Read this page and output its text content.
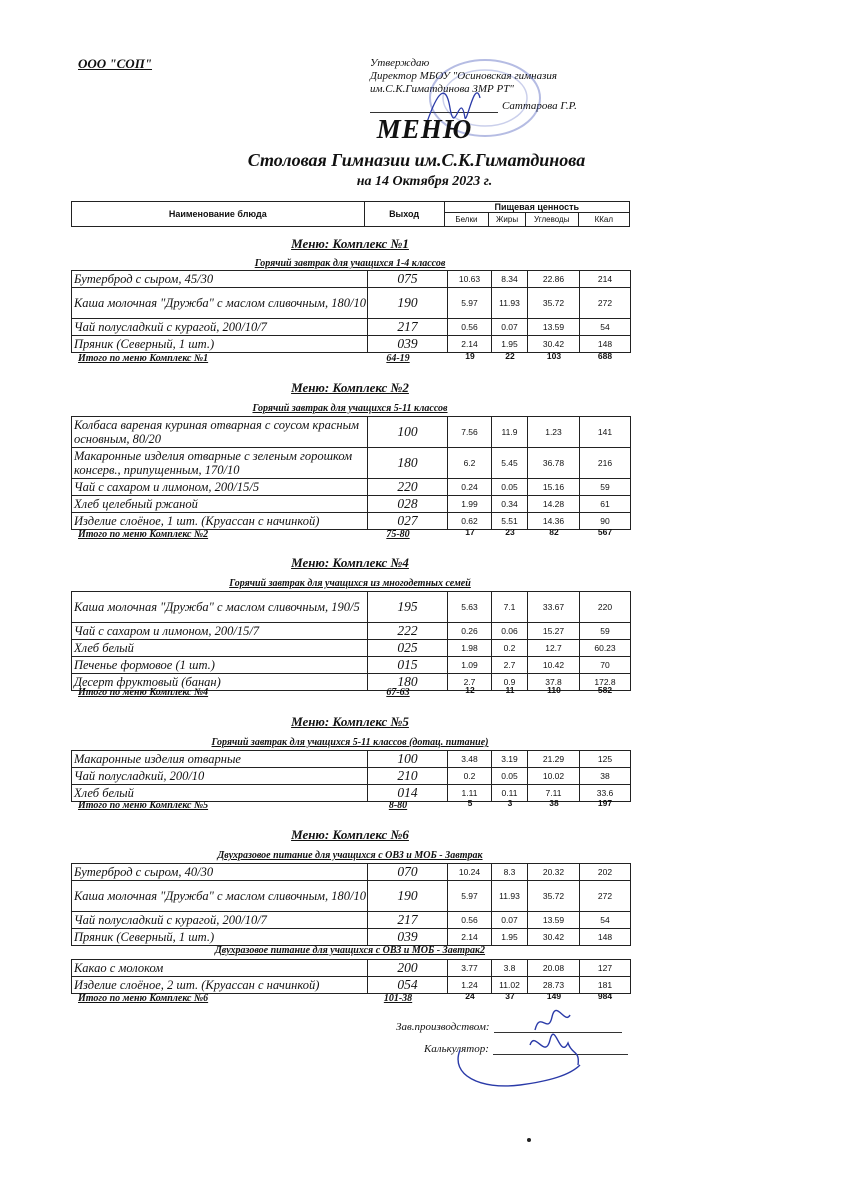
ООО "СОП"	Утверждаю
Директор МБОУ "Осиновская гимназия
им.С.К.Гиматдинова ЗМР РТ"
Саттарова Г.Р.
МЕНЮ
Столовая Гимназии им.С.К.Гиматдинова
на 14 Октября 2023 г.
Наименование блюда	Выход	Пищевая ценность			
		Белки	Жиры	Углеводы	ККал
Меню: Комплекс №1
Горячий завтрак для учащихся 1-4 классов
Бутерброд с сыром, 45/30	075	10.63	8.34	22.86	214
Каша молочная "Дружба" с маслом сливочным, 180/10	190	5.97	11.93	35.72	272
Чай полусладкий с курагой, 200/10/7	217	0.56	0.07	13.59	54
Пряник (Северный, 1 шт.)	039	2.14	1.95	30.42	148
Итого по меню Комплекс №1	64-19	19	22	103	688
Меню: Комплекс №2
Горячий завтрак для учащихся 5-11 классов
Колбаса вареная куриная отварная с соусом красным основным, 80/20	100	7.56	11.9	1.23	141
Макаронные изделия отварные с зеленым горошком консерв., припущенным, 170/10	180	6.2	5.45	36.78	216
Чай с сахаром и лимоном, 200/15/5	220	0.24	0.05	15.16	59
Хлеб целебный ржаной	028	1.99	0.34	14.28	61
Изделие слоёное, 1 шт. (Круассан с начинкой)	027	0.62	5.51	14.36	90
Итого по меню Комплекс №2	75-80	17	23	82	567
Меню: Комплекс №4
Горячий завтрак для учащихся из многодетных семей
Каша молочная "Дружба" с маслом сливочным, 190/5	195	5.63	7.1	33.67	220
Чай с сахаром и лимоном, 200/15/7	222	0.26	0.06	15.27	59
Хлеб белый	025	1.98	0.2	12.7	60.23
Печенье формовое (1 шт.)	015	1.09	2.7	10.42	70
Десерт фруктовый (банан)	180	2.7	0.9	37.8	172.8
Итого по меню Комплекс №4	67-63	12	11	110	582
Меню: Комплекс №5
Горячий завтрак для учащихся 5-11 классов (дотац. питание)
Макаронные изделия отварные	100	3.48	3.19	21.29	125
Чай полусладкий, 200/10	210	0.2	0.05	10.02	38
Хлеб белый	014	1.11	0.11	7.11	33.6
Итого по меню Комплекс №5	8-80	5	3	38	197
Меню: Комплекс №6
Двухразовое питание для учащихся с ОВЗ и МОБ - Завтрак
Бутерброд с сыром, 40/30	070	10.24	8.3	20.32	202
Каша молочная "Дружба" с маслом сливочным, 180/10	190	5.97	11.93	35.72	272
Чай полусладкий с курагой, 200/10/7	217	0.56	0.07	13.59	54
Пряник (Северный, 1 шт.)	039	2.14	1.95	30.42	148
Двухразовое питание для учащихся с ОВЗ и МОБ - Завтрак2
Какао с молоком	200	3.77	3.8	20.08	127
Изделие слоёное, 2 шт. (Круассан с начинкой)	054	1.24	11.02	28.73	181
Итого по меню Комплекс №6	101-38	24	37	149	984
Зав.производством:
Калькулятор:
